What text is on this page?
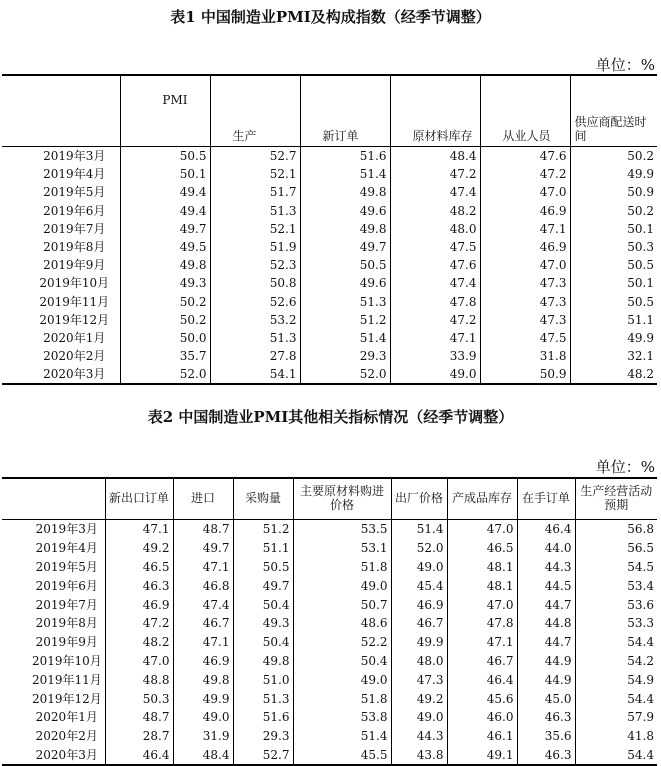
表1 中国制造业PMI及构成指数（经季节调整）
单位：%
	PMI	生产	新订单	原材料库存	从业人员	供应商配送时间
2019年3月	50.5	52.7	51.6	48.4	47.6	50.2
2019年4月	50.1	52.1	51.4	47.2	47.2	49.9
2019年5月	49.4	51.7	49.8	47.4	47.0	50.9
2019年6月	49.4	51.3	49.6	48.2	46.9	50.2
2019年7月	49.7	52.1	49.8	48.0	47.1	50.1
2019年8月	49.5	51.9	49.7	47.5	46.9	50.3
2019年9月	49.8	52.3	50.5	47.6	47.0	50.5
2019年10月	49.3	50.8	49.6	47.4	47.3	50.1
2019年11月	50.2	52.6	51.3	47.8	47.3	50.5
2019年12月	50.2	53.2	51.2	47.2	47.3	51.1
2020年1月	50.0	51.3	51.4	47.1	47.5	49.9
2020年2月	35.7	27.8	29.3	33.9	31.8	32.1
2020年3月	52.0	54.1	52.0	49.0	50.9	48.2
表2 中国制造业PMI其他相关指标情况（经季节调整）
单位：%
	新出口订单	进口	采购量	主要原材料购进价格	出厂价格	产成品库存	在手订单	生产经营活动预期
2019年3月	47.1	48.7	51.2	53.5	51.4	47.0	46.4	56.8
2019年4月	49.2	49.7	51.1	53.1	52.0	46.5	44.0	56.5
2019年5月	46.5	47.1	50.5	51.8	49.0	48.1	44.3	54.5
2019年6月	46.3	46.8	49.7	49.0	45.4	48.1	44.5	53.4
2019年7月	46.9	47.4	50.4	50.7	46.9	47.0	44.7	53.6
2019年8月	47.2	46.7	49.3	48.6	46.7	47.8	44.8	53.3
2019年9月	48.2	47.1	50.4	52.2	49.9	47.1	44.7	54.4
2019年10月	47.0	46.9	49.8	50.4	48.0	46.7	44.9	54.2
2019年11月	48.8	49.8	51.0	49.0	47.3	46.4	44.9	54.9
2019年12月	50.3	49.9	51.3	51.8	49.2	45.6	45.0	54.4
2020年1月	48.7	49.0	51.6	53.8	49.0	46.0	46.3	57.9
2020年2月	28.7	31.9	29.3	51.4	44.3	46.1	35.6	41.8
2020年3月	46.4	48.4	52.7	45.5	43.8	49.1	46.3	54.4
